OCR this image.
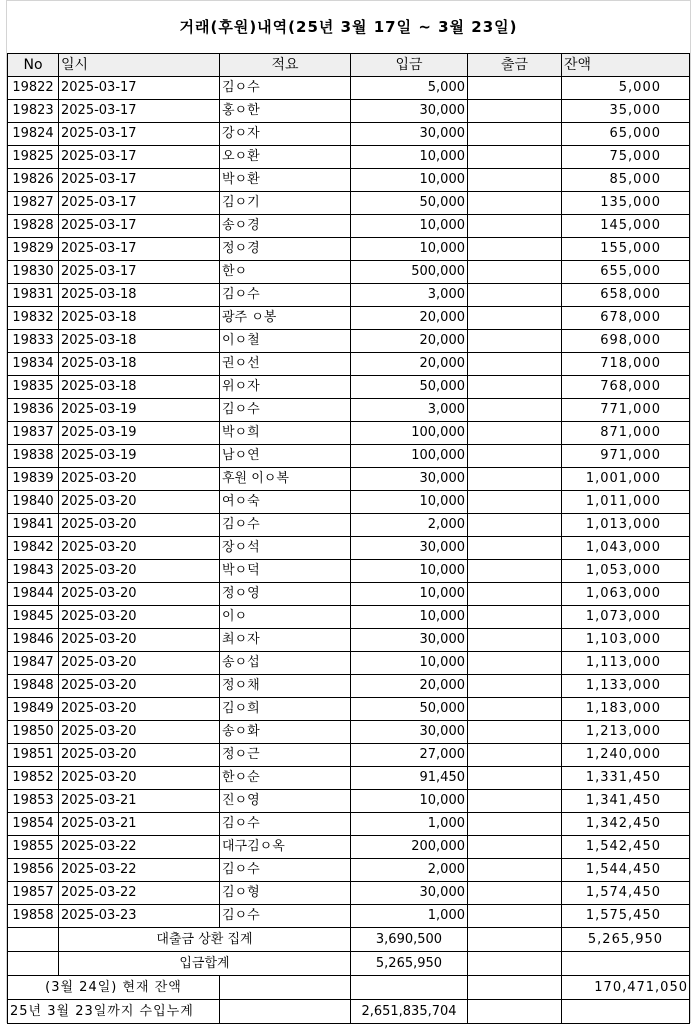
거래(후원)내역(25년 3월 17일 ~ 3월 23일)
No	일시	적요	입금	출금	잔액
19822	2025-03-17	김ㅇ수	5,000		5,000
19823	2025-03-17	홍ㅇ한	30,000		35,000
19824	2025-03-17	강ㅇ자	30,000		65,000
19825	2025-03-17	오ㅇ환	10,000		75,000
19826	2025-03-17	박ㅇ환	10,000		85,000
19827	2025-03-17	김ㅇ기	50,000		135,000
19828	2025-03-17	송ㅇ경	10,000		145,000
19829	2025-03-17	정ㅇ경	10,000		155,000
19830	2025-03-17	한ㅇ	500,000		655,000
19831	2025-03-18	김ㅇ수	3,000		658,000
19832	2025-03-18	광주 ㅇ봉	20,000		678,000
19833	2025-03-18	이ㅇ철	20,000		698,000
19834	2025-03-18	권ㅇ선	20,000		718,000
19835	2025-03-18	위ㅇ자	50,000		768,000
19836	2025-03-19	김ㅇ수	3,000		771,000
19837	2025-03-19	박ㅇ희	100,000		871,000
19838	2025-03-19	남ㅇ연	100,000		971,000
19839	2025-03-20	후원 이ㅇ복	30,000		1,001,000
19840	2025-03-20	여ㅇ숙	10,000		1,011,000
19841	2025-03-20	김ㅇ수	2,000		1,013,000
19842	2025-03-20	장ㅇ석	30,000		1,043,000
19843	2025-03-20	박ㅇ덕	10,000		1,053,000
19844	2025-03-20	정ㅇ영	10,000		1,063,000
19845	2025-03-20	이ㅇ	10,000		1,073,000
19846	2025-03-20	최ㅇ자	30,000		1,103,000
19847	2025-03-20	송ㅇ섭	10,000		1,113,000
19848	2025-03-20	정ㅇ채	20,000		1,133,000
19849	2025-03-20	김ㅇ희	50,000		1,183,000
19850	2025-03-20	송ㅇ화	30,000		1,213,000
19851	2025-03-20	정ㅇ근	27,000		1,240,000
19852	2025-03-20	한ㅇ순	91,450		1,331,450
19853	2025-03-21	진ㅇ영	10,000		1,341,450
19854	2025-03-21	김ㅇ수	1,000		1,342,450
19855	2025-03-22	대구김ㅇ옥	200,000		1,542,450
19856	2025-03-22	김ㅇ수	2,000		1,544,450
19857	2025-03-22	김ㅇ형	30,000		1,574,450
19858	2025-03-23	김ㅇ수	1,000		1,575,450
	대출금 상환 집계		3,690,500		5,265,950
	입금합계		5,265,950		
(3월 24일) 현재 잔액					170,471,050
25년 3월 23일까지 수입누계			2,651,835,704		
